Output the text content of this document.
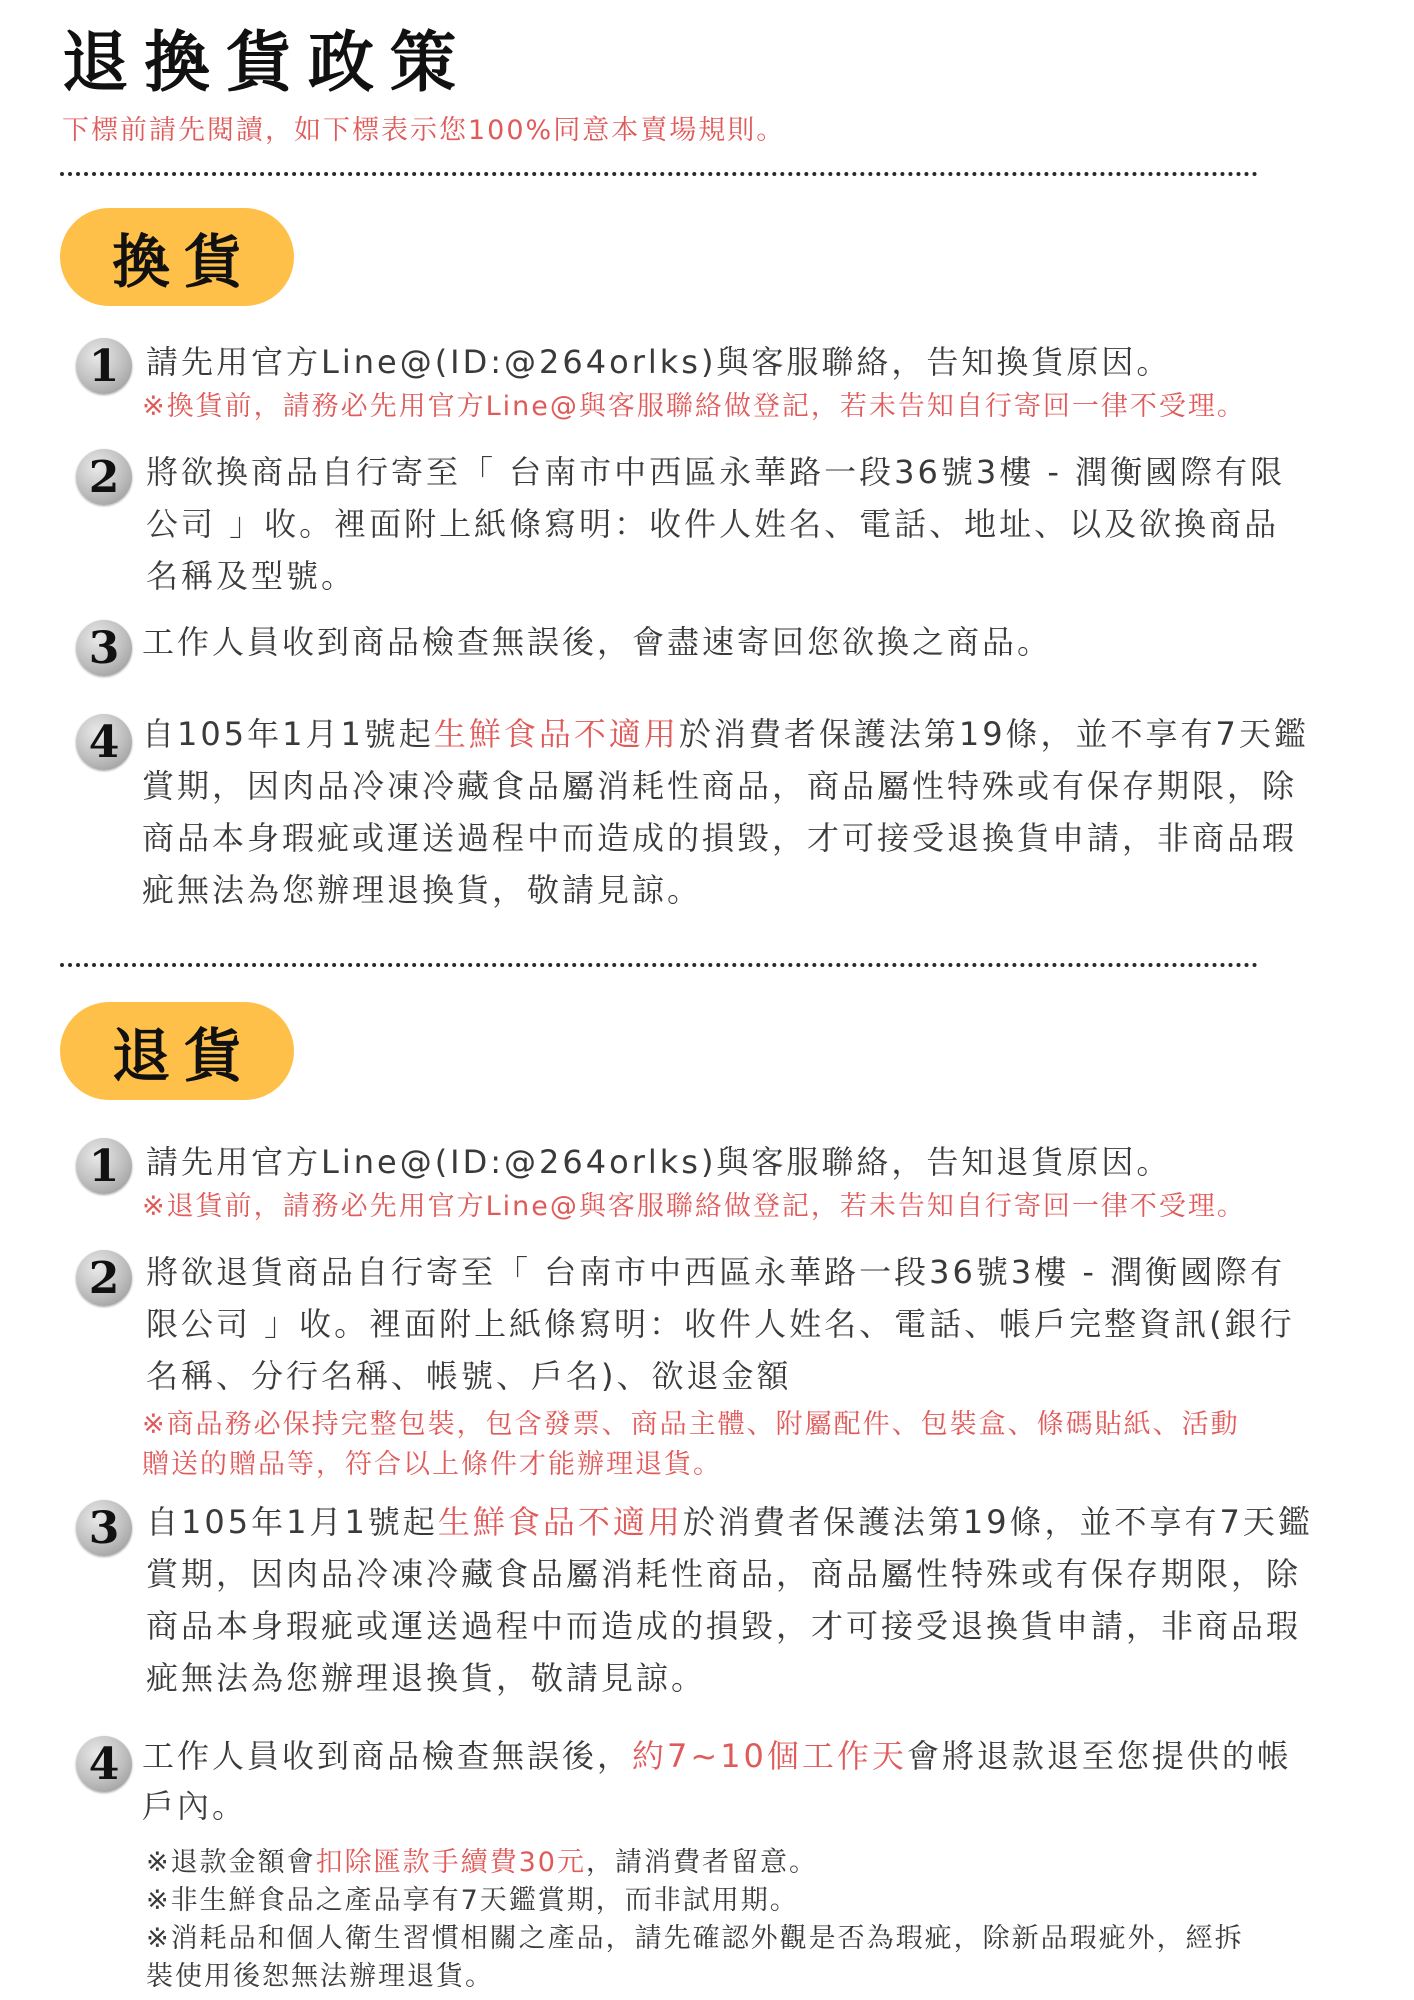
退換貨政策
下標前請先閱讀，如下標表示您100%同意本賣場規則。
換貨
1 請先用官方Line@(ID:@264orlks)與客服聯絡，告知換貨原因。
※換貨前，請務必先用官方Line@與客服聯絡做登記，若未告知自行寄回一律不受理。
2 將欲換商品自行寄至「 台南市中西區永華路一段36號3樓 - 潤衡國際有限
公司 」收。裡面附上紙條寫明：收件人姓名、電話、地址、以及欲換商品
名稱及型號。
3 工作人員收到商品檢查無誤後，會盡速寄回您欲換之商品。
4 自105年1月1號起生鮮食品不適用於消費者保護法第19條，並不享有7天鑑
賞期，因肉品冷凍冷藏食品屬消耗性商品，商品屬性特殊或有保存期限，除
商品本身瑕疵或運送過程中而造成的損毀，才可接受退換貨申請，非商品瑕
疵無法為您辦理退換貨，敬請見諒。
退貨
1 請先用官方Line@(ID:@264orlks)與客服聯絡，告知退貨原因。
※退貨前，請務必先用官方Line@與客服聯絡做登記，若未告知自行寄回一律不受理。
2 將欲退貨商品自行寄至「 台南市中西區永華路一段36號3樓 - 潤衡國際有
限公司 」收。裡面附上紙條寫明：收件人姓名、電話、帳戶完整資訊(銀行
名稱、分行名稱、帳號、戶名)、欲退金額
※商品務必保持完整包裝，包含發票、商品主體、附屬配件、包裝盒、條碼貼紙、活動
贈送的贈品等，符合以上條件才能辦理退貨。
3 自105年1月1號起生鮮食品不適用於消費者保護法第19條，並不享有7天鑑
賞期，因肉品冷凍冷藏食品屬消耗性商品，商品屬性特殊或有保存期限，除
商品本身瑕疵或運送過程中而造成的損毀，才可接受退換貨申請，非商品瑕
疵無法為您辦理退換貨，敬請見諒。
4 工作人員收到商品檢查無誤後，約7~10個工作天會將退款退至您提供的帳
戶內。
※退款金額會扣除匯款手續費30元，請消費者留意。
※非生鮮食品之產品享有7天鑑賞期，而非試用期。
※消耗品和個人衛生習慣相關之產品，請先確認外觀是否為瑕疵，除新品瑕疵外，經拆
裝使用後恕無法辦理退貨。
